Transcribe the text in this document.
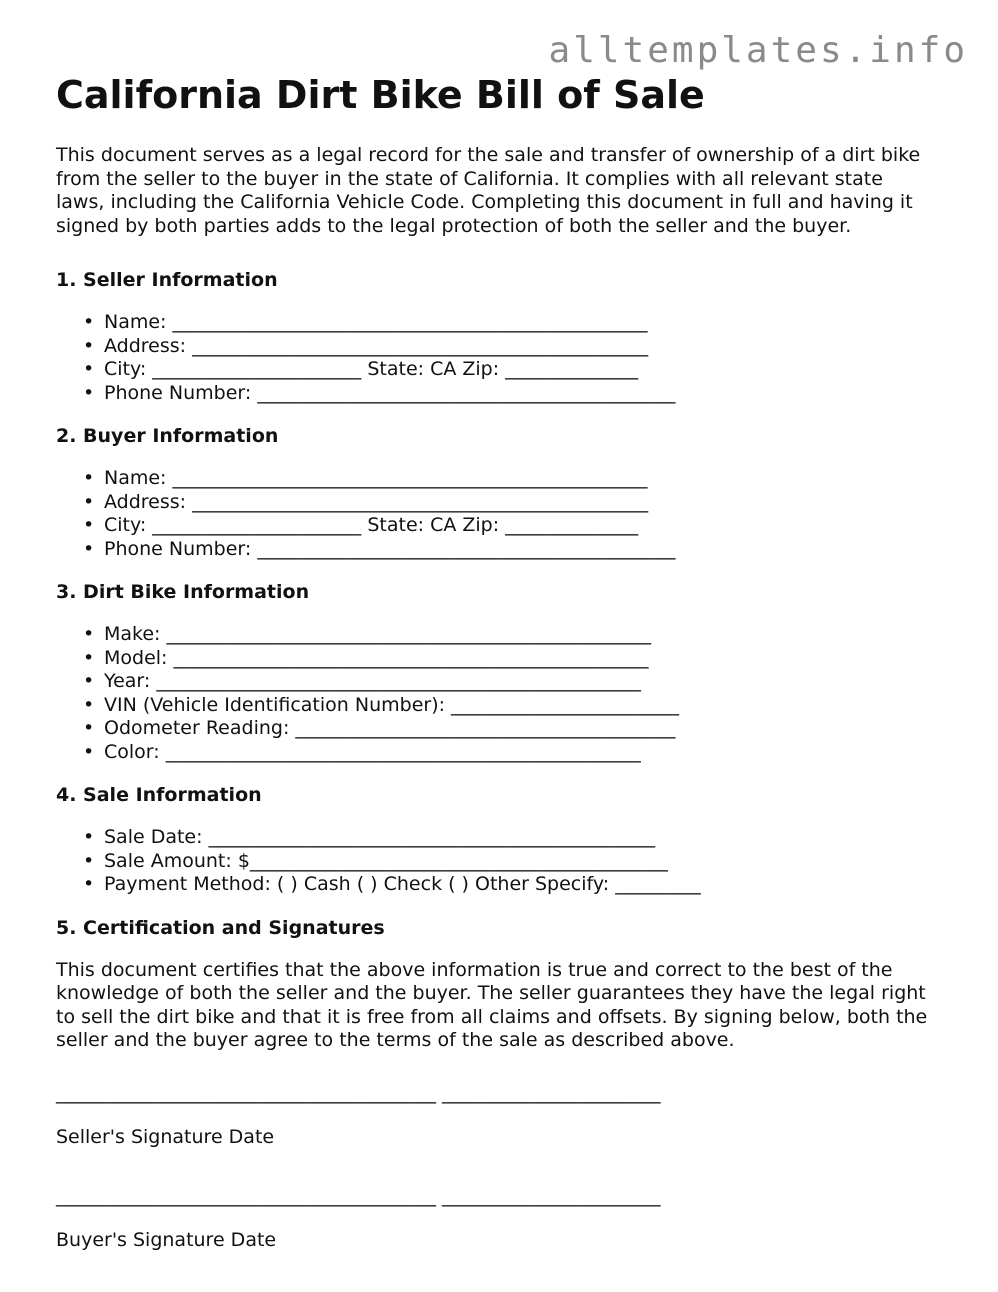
alltemplates.info
California Dirt Bike Bill of Sale

This document serves as a legal record for the sale and transfer of ownership of a dirt bike from the seller to the buyer in the state of California. It complies with all relevant state laws, including the California Vehicle Code. Completing this document in full and having it signed by both parties adds to the legal protection of both the seller and the buyer.

1. Seller Information
• Name: __________________________________________________
• Address: ________________________________________________
• City: ______________________ State: CA Zip: ______________
• Phone Number: ____________________________________________
2. Buyer Information
• Name: __________________________________________________
• Address: ________________________________________________
• City: ______________________ State: CA Zip: ______________
• Phone Number: ____________________________________________
3. Dirt Bike Information
• Make: ___________________________________________________
• Model: __________________________________________________
• Year: ___________________________________________________
• VIN (Vehicle Identification Number): ________________________
• Odometer Reading: ________________________________________
• Color: __________________________________________________
4. Sale Information
• Sale Date: _______________________________________________
• Sale Amount: $____________________________________________
• Payment Method: ( ) Cash ( ) Check ( ) Other Specify: _________
5. Certification and Signatures

This document certifies that the above information is true and correct to the best of the knowledge of both the seller and the buyer. The seller guarantees they have the legal right to sell the dirt bike and that it is free from all claims and offsets. By signing below, both the seller and the buyer agree to the terms of the sale as described above.

________________________________________ _______________________
Seller's Signature Date
________________________________________ _______________________
Buyer's Signature Date
